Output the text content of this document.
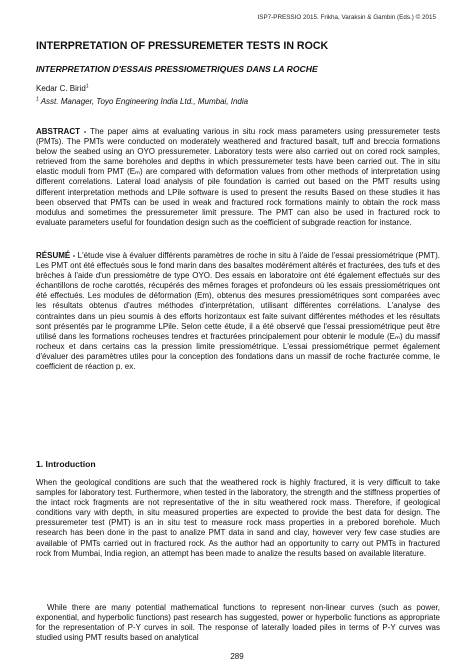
ISP7-PRESSIO 2015. Frikha, Varaksin & Gambin (Eds.) © 2015
INTERPRETATION OF PRESSUREMETER TESTS IN ROCK
INTERPRETATION D'ESSAIS PRESSIOMETRIQUES DANS LA ROCHE
Kedar C. Birid$^1$
$^1$ Asst. Manager, Toyo Engineering India Ltd., Mumbai, India

ABSTRACT - The paper aims at evaluating various in situ rock mass parameters using pressuremeter tests (PMTs). The PMTs were conducted on moderately weathered and fractured basalt, tuff and breccia formations below the seabed using an OYO pressuremeter. Laboratory tests were also carried out on cored rock samples, retrieved from the same boreholes and depths in which pressuremeter tests have been carried out. The in situ elastic moduli from PMT (Eₘ) are compared with deformation values from other methods of interpretation using different correlations. Lateral load analysis of pile foundation is carried out based on the PMT results using different interpretation methods and LPile software is used to present the results Based on these studies it has been observed that PMTs can be used in weak and fractured rock formations mainly to obtain the rock mass modulus and sometimes the pressuremeter limit pressure. The PMT can also be used in fractured rock to evaluate parameters useful for foundation design such as the coefficient of subgrade reaction for instance.

RÉSUMÉ - L'étude vise à évaluer différents paramètres de roche in situ à l'aide de l'essai pressiométrique (PMT). Les PMT ont été effectués sous le fond marin dans des basaltes modérément altérés et fracturées, des tufs et des brèches à l'aide d'un pressiomètre de type OYO. Des essais en laboratoire ont été également effectués sur des échantillons de roche carottés, récupérés des mêmes forages et profondeurs où les essais pressiométriques ont été effectués. Les modules de déformation (Em), obtenus des mesures pressiométriques sont comparées avec les résultats obtenus d'autres méthodes d'interprétation, utilisant différentes corrélations. L'analyse des contraintes dans un pieu soumis à des efforts horizontaux est faite suivant différentes méthodes et les résultats sont présentés par le programme LPile. Selon cette étude, il a été observé que l'essai pressiométrique peut être utilisé dans les formations rocheuses tendres et fracturées principalement pour obtenir le module (Eₘ) du massif rocheux et dans certains cas la pression limite pressiométrique. L'essai pressiométrique permet également d'évaluer des paramètres utiles pour la conception des fondations dans un massif de roche fracturée comme, le coefficient de réaction p. ex.

1. Introduction

When the geological conditions are such that the weathered rock is highly fractured, it is very difficult to take samples for laboratory test. Furthermore, when tested in the laboratory, the strength and the stiffness properties of the intact rock fragments are not representative of the in situ weathered rock mass. Therefore, if geological conditions vary with depth, in situ measured properties are expected to provide the best data for design. The pressuremeter test (PMT) is an in situ test to measure rock mass properties in a prebored borehole. Much research has been done in the past to analize PMT data in sand and clay, however very few case studies are available of PMTs carried out in fractured rock. As the author had an opportunity to carry out PMTs in fractured rock from Mumbai, India region, an attempt has been made to analize the results based on available literature.

While there are many potential mathematical functions to represent non-linear curves (such as power, exponential, and hyperbolic functions) past research has suggested, power or hyperbolic functions as appropriate for the representation of P-Y curves in soil. The response of laterally loaded piles in terms of P-Y curves was studied using PMT results based on analytical

289
